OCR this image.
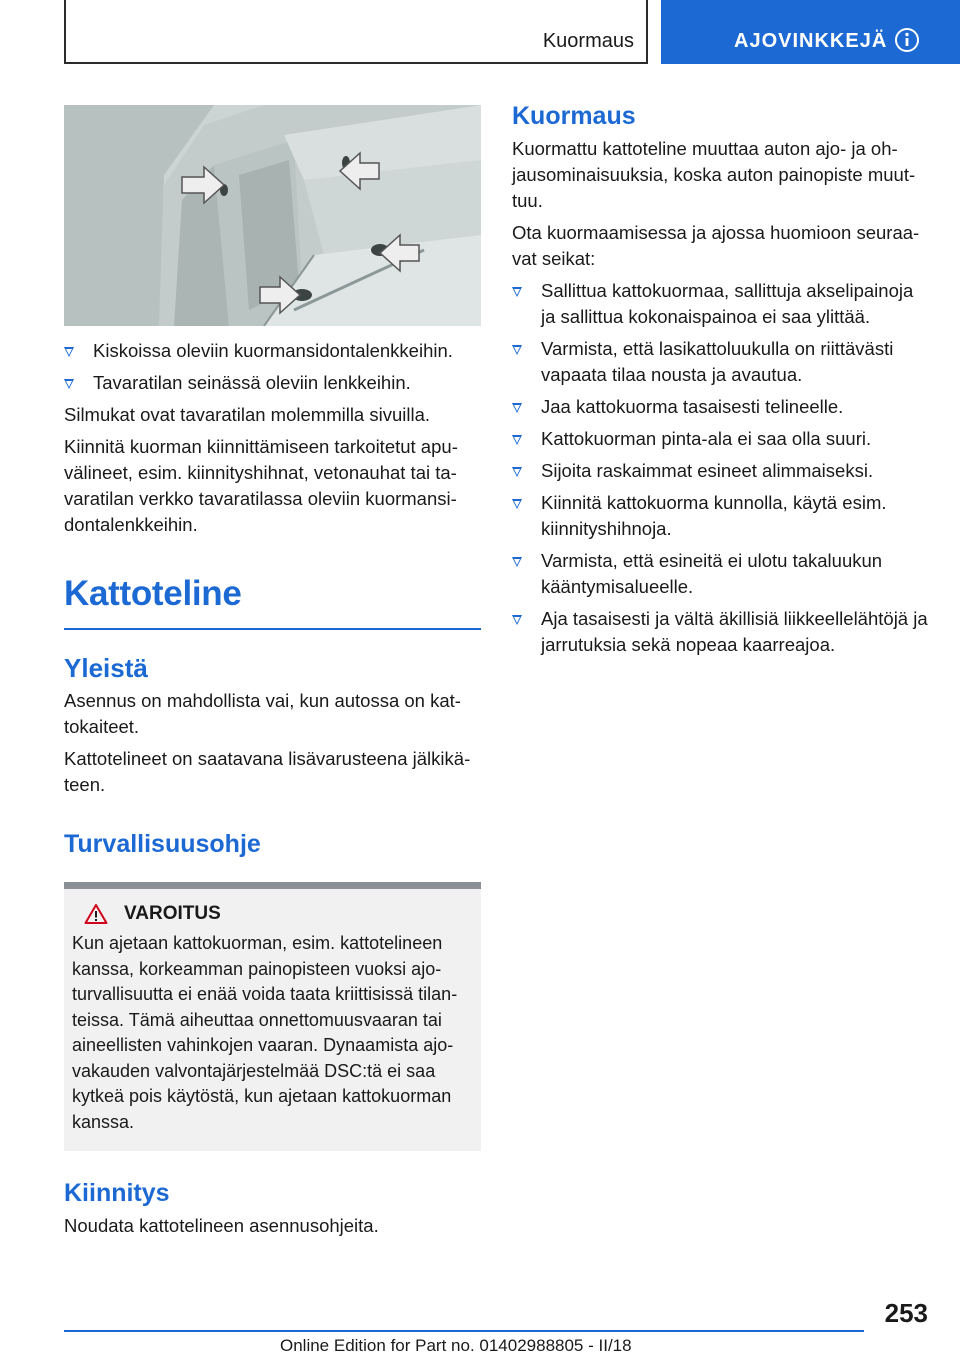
Kuormaus	AJOVINKKEJÄ
Kiskoissa oleviin kuormansidontalenkkeihin.
Tavaratilan seinässä oleviin lenkkeihin.

Silmukat ovat tavaratilan molemmilla sivuilla.

Kiinnitä kuorman kiinnittämiseen tarkoitetut apuvälineet, esim. kiinnityshihnat, vetonauhat tai tavaratilan verkko tavaratilassa oleviin kuormansidontalenkkeihin.

Kattoteline
Yleistä

Asennus on mahdollista vai, kun autossa on kattokaiteet.

Kattotelineet on saatavana lisävarusteena jälkikäteen.

Turvallisuusohje
VAROITUS

Kun ajetaan kattokuorman, esim. kattotelineen kanssa, korkeamman painopisteen vuoksi ajoturvallisuutta ei enää voida taata kriittisissä tilanteissa. Tämä aiheuttaa onnettomuusvaaran tai aineellisten vahinkojen vaaran. Dynaamista ajovakauden valvontajärjestelmää DSC:tä ei saa kytkeä pois käytöstä, kun ajetaan kattokuorman kanssa.

Kiinnitys

Noudata kattotelineen asennusohjeita.

Kuormaus

Kuormattu kattoteline muuttaa auton ajo- ja ohjausominaisuuksia, koska auton painopiste muuttuu.

Ota kuormaamisessa ja ajossa huomioon seuraavat seikat:

Sallittua kattokuormaa, sallittuja akselipainoja ja sallittua kokonaispainoa ei saa ylittää.
Varmista, että lasikattoluukulla on riittävästi vapaata tilaa nousta ja avautua.
Jaa kattokuorma tasaisesti telineelle.
Kattokuorman pinta-ala ei saa olla suuri.
Sijoita raskaimmat esineet alimmaiseksi.
Kiinnitä kattokuorma kunnolla, käytä esim. kiinnityshihnoja.
Varmista, että esineitä ei ulotu takaluukun kääntymisalueelle.
Aja tasaisesti ja vältä äkillisiä liikkeellelähtöjä ja jarrutuksia sekä nopeaa kaarreajoa.
253
Online Edition for Part no. 01402988805 - II/18
